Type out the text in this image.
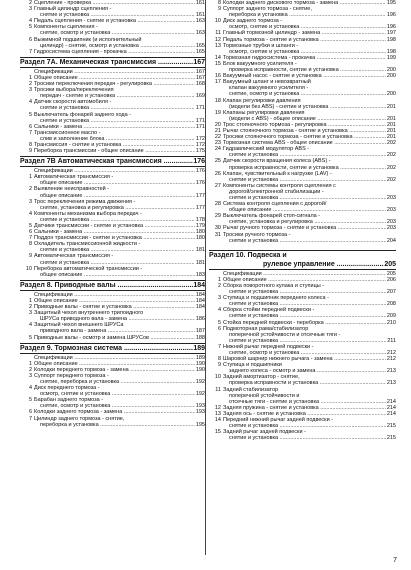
2 Сцепление - проверка .....	161
3 Главный цилиндр сцепления -
снятие и установка .....	161
4 Педаль сцепления - снятие и установка .....	163
5 Компоненты сцепления -
снятие, осмотр и установка .....	163
6 Выжимной подшипник (и исполнительный
цилиндр) - снятие, осмотр и установка .....	165
7 Гидросистема сцепления - прокачка .....	165
Раздел 7A. Механическая трансмиссия .....	167
Спецификации .....	167
1 Общее описание .....	167
2 Тросики переключения передач - регулировка .....	168
3 Тросики выбора/переключения
передач - снятие и установка .....	169
4 Датчик скорости автомобиля -
снятие и установка .....	171
5 Выключатель фонарей заднего хода -
снятие и установка .....	171
6 Сальники - замена .....	171
7 Трансмиссионное масло -
слив и заполнение блока .....	172
8 Трансмиссия - снятие и установка .....	172
9 Переборка трансмиссии - общее описание .....	175
Раздел 7В Автоматическая трансмиссия .....	176
Спецификации .....	176
1 Автоматическая трансмиссия -
общее описание .....	176
2 Выявление неисправностей -
общее описание .....	177
3 Трос переключения режима движения -
снятие, установка и регулировка .....	177
4 Компоненты механизма выбора передач -
снятие и установка .....	178
5 Датчики трансмиссии - снятие и установка .....	179
6 Сальники - замена .....	180
7 Поддон трансмиссии - снятие и установка .....	180
8 Охладитель трансмиссионной жидкости -
снятие и установка .....	181
9 Автоматическая трансмиссия -
снятие и установка .....	181
10 Переборка автоматической трансмиссии -
общее описание .....	183
Раздел 8. Приводные валы .....	184
Спецификации .....	184
1 Общее описание .....	184
2 Приводные валы - снятие и установка .....	184
3 Защитный чехол внутреннего трипоидного
ШРУСа приводного вала - замена .....	186
4 Защитный чехол внешнего ШРУСа
приводного вала - замена .....	187
5 Приводные валы - осмотр и замена ШРУСов .....	188
Раздел 9. Тормозная система .....	189
Спецификации .....	189
1 Общее описание .....	190
2 Колодки переднего тормоза - замена .....	190
3 Суппорт переднего тормоза -
снятие, переборка и установка .....	192
4 Диск переднего тормоза -
осмотр, снятие и установка .....	192
5 Барабан заднего тормоза -
снятие, осмотр и установка .....	193
6 Колодки заднего тормоза - замена .....	193
7 Цилиндр заднего тормоза - снятие,
переборка и установка .....	195
8 Колодки заднего дискового тормоза - замена .....	195
9 Суппорт заднего тормоза - снятие,
переборка и установка .....	196
10 Диск заднего тормоза -
осмотр, снятие и установка .....	196
11 Главный тормозной цилиндр - замена .....	197
12 Педаль тормоза - снятие и установка .....	198
13 Тормозные трубки и шланги -
осмотр, снятие и установка .....	198
14 Тормозная гидросистема - прокачка .....	199
15 Блок вакуумного усилителя -
проверка исправности, снятие и установка .....	200
16 Вакуумный насос - снятие и установка .....	200
17 Вакуумный шланг и невозвратный
клапан вакуумного усилителя -
снятие, осмотр и установка .....	200
18 Клапан регулировки давления
(модели без ABS) - снятие и установка .....	201
19 Клапаны регулировки давления
(модели с ABS) - общее описание .....	201
20 Трос стояночного тормоза - регулировка .....	201
21 Рычаг стояночного тормоза - снятие и установка .....	201
22 Тросики стояночного тормоза - снятие и установка .....	201
23 Тормозная система ABS - общее описание .....	202
24 Гидравлический модулятор ABS -
снятие и установка .....	202
25 Датчик скорости вращения колеса (ABS) -
проверка исправности, снятие и установка .....	202
26 Клапан, чувствительный к нагрузке (LAV) -
снятие и установка .....	202
27 Компоненты системы контроля сцепления с
дорогой/электронной стабилизации -
снятие и установка .....	203
28 Система контроля сцепления с дорогой/
общее описание .....	203
29 Выключатель фонарей стоп-сигнала -
снятие, установка и регулировка .....	203
30 Рычаг ручного тормоза - снятие и установка .....	203
31 Тросики ручного тормоза -
снятие и установка .....	204
Раздел 10. Подвеска и
рулевое управление .....	205
Спецификации .....	205
1 Общее описание .....	206
2 Сборка поворотного кулака и ступицы -
снятие и установка .....	207
3 Ступица и подшипник переднего колеса -
снятие и установка .....	208
4 Сборка стойки передней подвески -
снятие и установка .....	209
5 Стойка передней подвески - переборка .....	210
6 Подмоторная рама/стабилизатор
поперечной устойчивости и отсечные тяги -
снятие и установка .....	211
7 Нижний рычаг передней подвески -
снятие, осмотр и установка .....	212
8 Шаровой шарнир нижнего рычага - замена .....	212
9 Ступица и подшипники
заднего колеса - осмотр и замена .....	213
10 Задний амортизатор - снятие,
проверка исправности и установка .....	213
11 Задний стабилизатор
поперечной устойчивости и
отсечные тяги - снятие и установка .....	214
12 Задняя пружина - снятие и установка .....	214
13 Задняя ось - снятие и установка .....	214
14 Передний нижний рычаг задней подвески -
снятие и установка .....	215
15 Задний рычаг задней подвески -
снятие и установка .....	215
7
